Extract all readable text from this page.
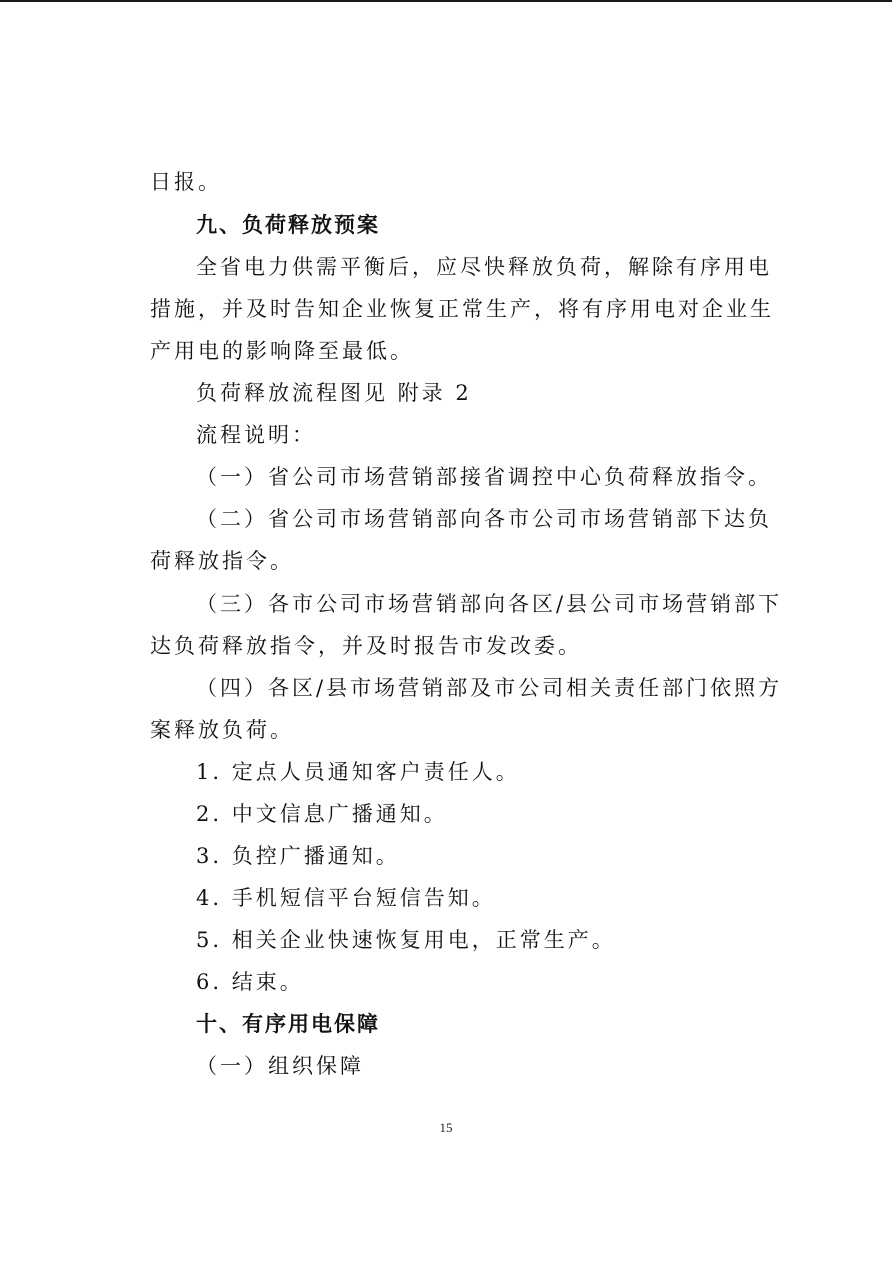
日报。
九、负荷释放预案
全省电力供需平衡后，应尽快释放负荷，解除有序用电
措施，并及时告知企业恢复正常生产，将有序用电对企业生
产用电的影响降至最低。
负荷释放流程图见 附录 2
流程说明：
（一）省公司市场营销部接省调控中心负荷释放指令。
（二）省公司市场营销部向各市公司市场营销部下达负
荷释放指令。
（三）各市公司市场营销部向各区/县公司市场营销部下
达负荷释放指令，并及时报告市发改委。
（四）各区/县市场营销部及市公司相关责任部门依照方
案释放负荷。
1. 定点人员通知客户责任人。
2. 中文信息广播通知。
3. 负控广播通知。
4. 手机短信平台短信告知。
5. 相关企业快速恢复用电，正常生产。
6. 结束。
十、有序用电保障
（一）组织保障
15
